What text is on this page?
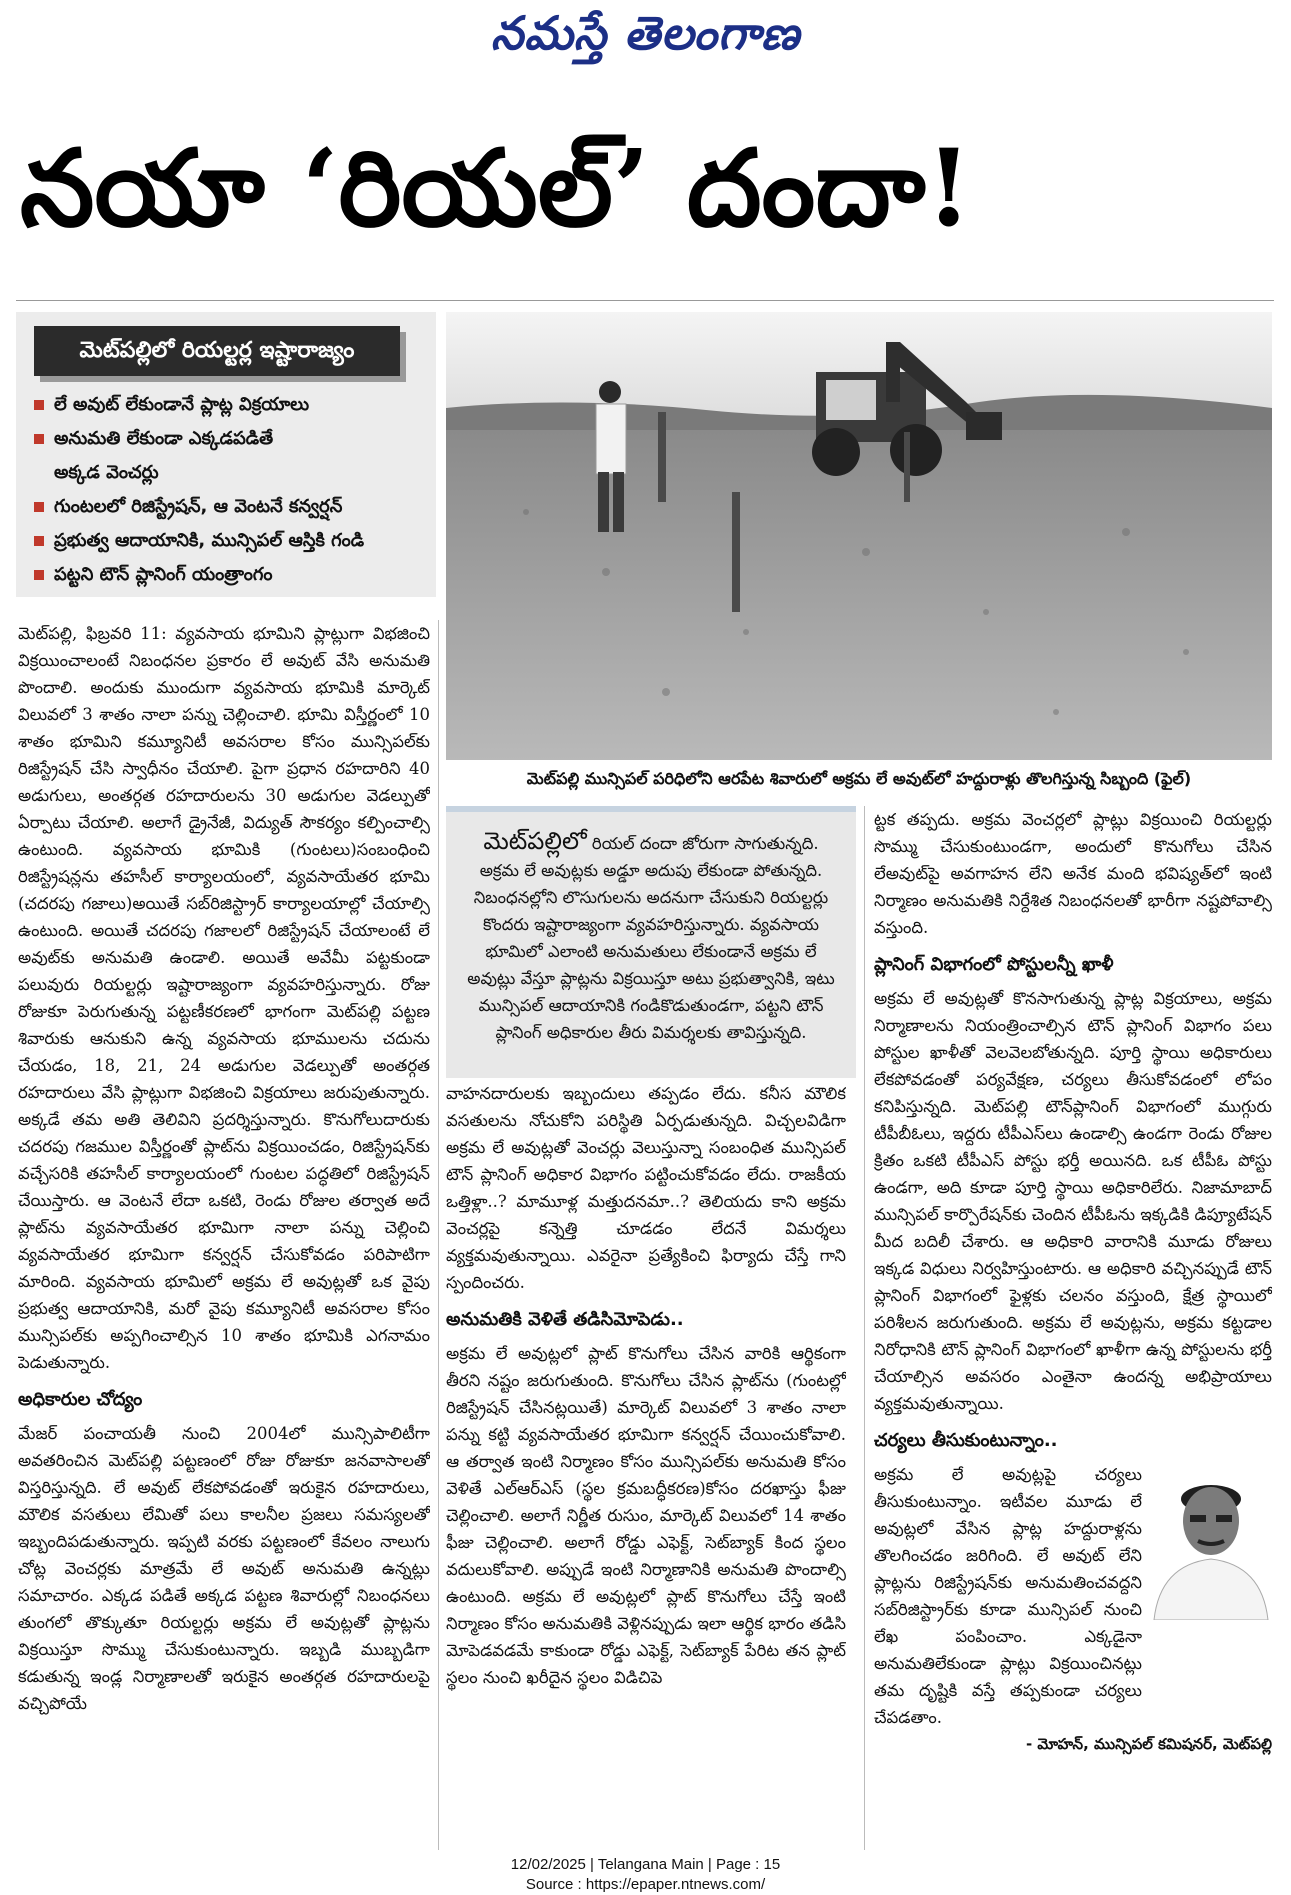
నమస్తే తెలంగాణ
నయా ‘రియల్’ దందా!
మెట్‌పల్లిలో రియల్టర్ల ఇష్టారాజ్యం
లే అవుట్ లేకుండానే ప్లాట్ల విక్రయాలు
అనుమతి లేకుండా ఎక్కడపడితే
అక్కడ వెంచర్లు
గుంటలలో రిజిస్ట్రేషన్, ఆ వెంటనే కన్వర్షన్
ప్రభుత్వ ఆదాయానికి, మున్సిపల్ ఆస్తికి గండి
పట్టని టౌన్ ప్లానింగ్ యంత్రాంగం
మెట్‌పల్లి మున్సిపల్ పరిధిలోని ఆరపేట శివారులో అక్రమ లే అవుట్‌లో హద్దురాళ్లు తొలగిస్తున్న సిబ్బంది (ఫైల్)

మెట్‌పల్లి, ఫిబ్రవరి 11: వ్యవసాయ భూమిని ప్లాట్లుగా విభజించి విక్రయించాలంటే నిబంధనల ప్రకారం లే అవుట్ వేసి అనుమతి పొందాలి. అందుకు ముందుగా వ్యవసాయ భూమికి మార్కెట్ విలువలో 3 శాతం నాలా పన్ను చెల్లించాలి. భూమి విస్తీర్ణంలో 10 శాతం భూమిని కమ్యూనిటీ అవసరాల కోసం మున్సిపల్‌కు రిజిస్ట్రేషన్ చేసి స్వాధీనం చేయాలి. పైగా ప్రధాన రహదారిని 40 అడుగులు, అంతర్గత రహదారులను 30 అడుగుల వెడల్పుతో ఏర్పాటు చేయాలి. అలాగే డ్రైనేజీ, విద్యుత్ సౌకర్యం కల్పించాల్సి ఉంటుంది. వ్యవసాయ భూమికి (గుంటలు)సంబంధించి రిజిస్ట్రేషన్లను తహసీల్ కార్యాలయంలో, వ్యవసాయేతర భూమి (చదరపు గజాలు)అయితే సబ్‌రిజిస్ట్రార్ కార్యాలయాల్లో చేయాల్సి ఉంటుంది. అయితే చదరపు గజాలలో రిజిస్ట్రేషన్ చేయాలంటే లే అవుట్‌కు అనుమతి ఉండాలి. అయితే అవేమీ పట్టకుండా పలువురు రియల్టర్లు ఇష్టారాజ్యంగా వ్యవహరిస్తున్నారు. రోజు రోజుకూ పెరుగుతున్న పట్టణీకరణలో భాగంగా మెట్‌పల్లి పట్టణ శివారుకు ఆనుకుని ఉన్న వ్యవసాయ భూములను చదును చేయడం, 18, 21, 24 అడుగుల వెడల్పుతో అంతర్గత రహదారులు వేసి ప్లాట్లుగా విభజించి విక్రయాలు జరుపుతున్నారు. అక్కడే తమ అతి తెలివిని ప్రదర్శిస్తున్నారు. కొనుగోలుదారుకు చదరపు గజముల విస్తీర్ణంతో ప్లాట్‌ను విక్రయించడం, రిజిస్ట్రేషన్‌కు వచ్చేసరికి తహసీల్ కార్యాలయంలో గుంటల పద్ధతిలో రిజిస్ట్రేషన్ చేయిస్తారు. ఆ వెంటనే లేదా ఒకటి, రెండు రోజుల తర్వాత అదే ప్లాట్‌ను వ్యవసాయేతర భూమిగా నాలా పన్ను చెల్లించి వ్యవసాయేతర భూమిగా కన్వర్షన్ చేసుకోవడం పరిపాటిగా మారింది. వ్యవసాయ భూమిలో అక్రమ లే అవుట్లతో ఒక వైపు ప్రభుత్వ ఆదాయానికి, మరో వైపు కమ్యూనిటీ అవసరాల కోసం మున్సిపల్‌కు అప్పగించాల్సిన 10 శాతం భూమికి ఎగనామం పెడుతున్నారు.

అధికారుల చోద్యం

మేజర్ పంచాయతీ నుంచి 2004లో మున్సిపాలిటీగా అవతరించిన మెట్‌పల్లి పట్టణంలో రోజు రోజుకూ జనవాసాలతో విస్తరిస్తున్నది. లే అవుట్ లేకపోవడంతో ఇరుకైన రహదారులు, మౌలిక వసతులు లేమితో పలు కాలనీల ప్రజలు సమస్యలతో ఇబ్బందిపడుతున్నారు. ఇప్పటి వరకు పట్టణంలో కేవలం నాలుగు చోట్ల వెంచర్లకు మాత్రమే లే అవుట్ అనుమతి ఉన్నట్లు సమాచారం. ఎక్కడ పడితే అక్కడ పట్టణ శివారుల్లో నిబంధనలు తుంగలో తొక్కుతూ రియల్టర్లు అక్రమ లే అవుట్లతో ప్లాట్లను విక్రయిస్తూ సొమ్ము చేసుకుంటున్నారు. ఇబ్బడి ముబ్బడిగా కడుతున్న ఇండ్ల నిర్మాణాలతో ఇరుకైన అంతర్గత రహదారులపై వచ్చిపోయే

మెట్‌పల్లిలో రియల్ దందా జోరుగా సాగుతున్నది. అక్రమ లే అవుట్లకు అడ్డూ అదుపు లేకుండా పోతున్నది. నిబంధనల్లోని లొసుగులను అదనుగా చేసుకుని రియల్టర్లు కొందరు ఇష్టారాజ్యంగా వ్యవహరిస్తున్నారు. వ్యవసాయ భూమిలో ఎలాంటి అనుమతులు లేకుండానే అక్రమ లే అవుట్లు వేస్తూ ప్లాట్లను విక్రయిస్తూ అటు ప్రభుత్వానికి, ఇటు మున్సిపల్ ఆదాయానికి గండికొడుతుండగా, పట్టని టౌన్ ప్లానింగ్ అధికారుల తీరు విమర్శలకు తావిస్తున్నది.

వాహనదారులకు ఇబ్బందులు తప్పడం లేదు. కనీస మౌలిక వసతులను నోచుకోని పరిస్థితి ఏర్పడుతున్నది. విచ్చలవిడిగా అక్రమ లే అవుట్లతో వెంచర్లు వెలుస్తున్నా సంబంధిత మున్సిపల్ టౌన్ ప్లానింగ్ అధికార విభాగం పట్టించుకోవడం లేదు. రాజకీయ ఒత్తిళ్లా..? మామూళ్ల మత్తుదనమా..? తెలియదు కాని అక్రమ వెంచర్లపై కన్నెత్తి చూడడం లేదనే విమర్శలు వ్యక్తమవుతున్నాయి. ఎవరైనా ప్రత్యేకించి ఫిర్యాదు చేస్తే గాని స్పందించరు.

అనుమతికి వెళితే తడిసిమోపెడు..

అక్రమ లే అవుట్లలో ప్లాట్ కొనుగోలు చేసిన వారికి ఆర్థికంగా తీరని నష్టం జరుగుతుంది. కొనుగోలు చేసిన ప్లాట్‌ను (గుంటల్లో రిజిస్ట్రేషన్ చేసినట్లయితే) మార్కెట్ విలువలో 3 శాతం నాలా పన్ను కట్టి వ్యవసాయేతర భూమిగా కన్వర్షన్ చేయించుకోవాలి. ఆ తర్వాత ఇంటి నిర్మాణం కోసం మున్సిపల్‌కు అనుమతి కోసం వెళితే ఎల్‌ఆర్‌ఎస్ (స్థల క్రమబద్ధీకరణ)కోసం దరఖాస్తు ఫీజు చెల్లించాలి. అలాగే నిర్ణీత రుసుం, మార్కెట్ విలువలో 14 శాతం ఫీజు చెల్లించాలి. అలాగే రోడ్డు ఎఫెక్ట్, సెట్‌బ్యాక్ కింద స్థలం వదులుకోవాలి. అప్పుడే ఇంటి నిర్మాణానికి అనుమతి పొందాల్సి ఉంటుంది. అక్రమ లే అవుట్లలో ప్లాట్ కొనుగోలు చేస్తే ఇంటి నిర్మాణం కోసం అనుమతికి వెళ్లినప్పుడు ఇలా ఆర్థిక భారం తడిసి మోపెడవడమే కాకుండా రోడ్డు ఎఫెక్ట్, సెట్‌బ్యాక్ పేరిట తన ప్లాట్ స్థలం నుంచి ఖరీదైన స్థలం విడిచిపె

ట్టక తప్పదు. అక్రమ వెంచర్లలో ప్లాట్లు విక్రయించి రియల్టర్లు సొమ్ము చేసుకుంటుండగా, అందులో కొనుగోలు చేసిన లేఅవుట్‌పై అవగాహన లేని అనేక మంది భవిష్యత్‌లో ఇంటి నిర్మాణం అనుమతికి నిర్దేశిత నిబంధనలతో భారీగా నష్టపోవాల్సి వస్తుంది.

ప్లానింగ్ విభాగంలో పోస్టులన్నీ ఖాళీ

అక్రమ లే అవుట్లతో కొనసాగుతున్న ప్లాట్ల విక్రయాలు, అక్రమ నిర్మాణాలను నియంత్రించాల్సిన టౌన్ ప్లానింగ్ విభాగం పలు పోస్టుల ఖాళీతో వెలవెలబోతున్నది. పూర్తి స్థాయి అధికారులు లేకపోవడంతో పర్యవేక్షణ, చర్యలు తీసుకోవడంలో లోపం కనిపిస్తున్నది. మెట్‌పల్లి టౌన్‌ప్లానింగ్ విభాగంలో ముగ్గురు టీపీబీఓలు, ఇద్దరు టీపీఎస్‌లు ఉండాల్సి ఉండగా రెండు రోజుల క్రితం ఒకటి టీపీఎస్ పోస్టు భర్తీ అయినది. ఒక టీపీఓ పోస్టు ఉండగా, అది కూడా పూర్తి స్థాయి అధికారిలేరు. నిజామాబాద్ మున్సిపల్ కార్పొరేషన్‌కు చెందిన టీపీఓను ఇక్కడికి డిప్యూటేషన్ మీద బదిలీ చేశారు. ఆ అధికారి వారానికి మూడు రోజులు ఇక్కడ విధులు నిర్వహిస్తుంటారు. ఆ అధికారి వచ్చినప్పుడే టౌన్ ప్లానింగ్ విభాగంలో ఫైళ్లకు చలనం వస్తుంది, క్షేత్ర స్థాయిలో పరిశీలన జరుగుతుంది. అక్రమ లే అవుట్లను, అక్రమ కట్టడాల నిరోధానికి టౌన్ ప్లానింగ్ విభాగంలో ఖాళీగా ఉన్న పోస్టులను భర్తీ చేయాల్సిన అవసరం ఎంతైనా ఉందన్న అభిప్రాయాలు వ్యక్తమవుతున్నాయి.

చర్యలు తీసుకుంటున్నాం..

అక్రమ లే అవుట్లపై చర్యలు తీసుకుంటున్నాం. ఇటీవల మూడు లే అవుట్లలో వేసిన ప్లాట్ల హద్దురాళ్లను తొలగించడం జరిగింది. లే అవుట్ లేని ప్లాట్లను రిజిస్ట్రేషన్‌కు అనుమతించవద్దని సబ్‌రిజిస్ట్రార్‌కు కూడా మున్సిపల్ నుంచి లేఖ పంపించాం. ఎక్కడైనా అనుమతిలేకుండా ప్లాట్లు విక్రయించినట్లు తమ దృష్టికి వస్తే తప్పకుండా చర్యలు చేపడతాం.

- మోహన్, మున్సిపల్ కమిషనర్, మెట్‌పల్లి

12/02/2025 | Telangana Main | Page : 15
Source : https://epaper.ntnews.com/
